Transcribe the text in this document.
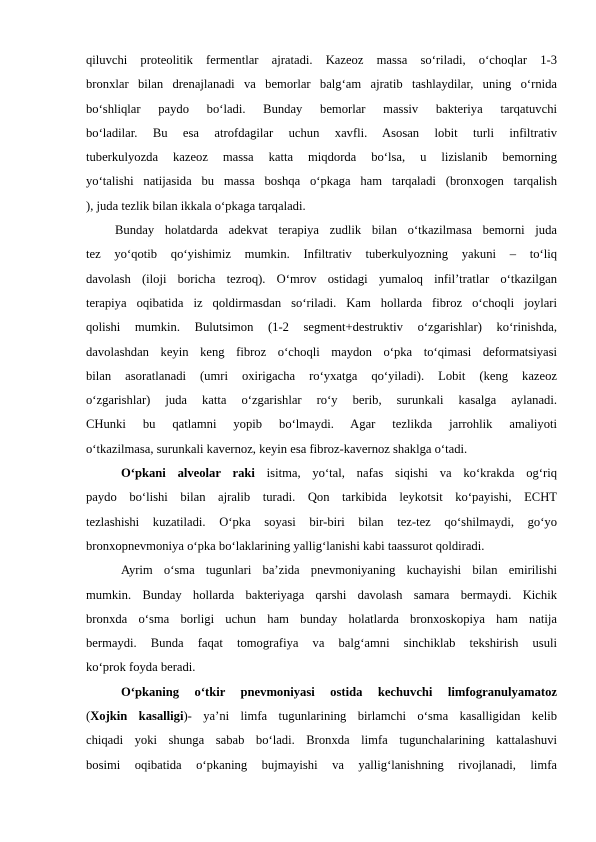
qiluvchi proteolitik fermentlar ajratadi. Kazeoz massa so‘riladi, o‘choqlar 1-3
bronxlar bilan drenajlanadi va bemorlar balg‘am ajratib tashlaydilar, uning o‘rnida
bo‘shliqlar paydo bo‘ladi. Bunday bemorlar massiv bakteriya tarqatuvchi
bo‘ladilar. Bu esa atrofdagilar uchun xavfli. Asosan lobit turli infiltrativ
tuberkulyozda kazeoz massa katta miqdorda bo‘lsa, u lizislanib bemorning
yo‘talishi natijasida bu massa boshqa o‘pkaga ham tarqaladi (bronxogen tarqalish
), juda tezlik bilan ikkala o‘pkaga tarqaladi.
Bunday holatdarda adekvat terapiya zudlik bilan o‘tkazilmasa bemorni juda
tez yo‘qotib qo‘yishimiz mumkin. Infiltrativ tuberkulyozning yakuni – to‘liq
davolash (iloji boricha tezroq). O‘mrov ostidagi yumaloq infil’tratlar o‘tkazilgan
terapiya oqibatida iz qoldirmasdan so‘riladi. Kam hollarda fibroz o‘choqli joylari
qolishi mumkin. Bulutsimon (1-2 segment+destruktiv o‘zgarishlar) ko‘rinishda,
davolashdan keyin keng fibroz o‘choqli maydon o‘pka to‘qimasi deformatsiyasi
bilan asoratlanadi (umri oxirigacha ro‘yxatga qo‘yiladi). Lobit (keng kazeoz
o‘zgarishlar) juda katta o‘zgarishlar ro‘y berib, surunkali kasalga aylanadi.
CHunki bu qatlamni yopib bo‘lmaydi. Agar tezlikda jarrohlik amaliyoti
o‘tkazilmasa, surunkali kavernoz, keyin esa fibroz-kavernoz shaklga o‘tadi.
O‘pkani alveolar raki isitma, yo‘tal, nafas siqishi va ko‘krakda og‘riq
paydo bo‘lishi bilan ajralib turadi. Qon tarkibida leykotsit ko‘payishi, ECHT
tezlashishi kuzatiladi. O‘pka soyasi bir-biri bilan tez-tez qo‘shilmaydi, go‘yo
bronxopnevmoniya o‘pka bo‘laklarining yallig‘lanishi kabi taassurot qoldiradi.
Ayrim o‘sma tugunlari ba’zida pnevmoniyaning kuchayishi bilan emirilishi
mumkin. Bunday hollarda bakteriyaga qarshi davolash samara bermaydi. Kichik
bronxda o‘sma borligi uchun ham bunday holatlarda bronxoskopiya ham natija
bermaydi. Bunda faqat tomografiya va balg‘amni sinchiklab tekshirish usuli
ko‘prok foyda beradi.
O‘pkaning o‘tkir pnevmoniyasi ostida kechuvchi limfogranulyamatoz
(Xojkin kasalligi)- ya’ni limfa tugunlarining birlamchi o‘sma kasalligidan kelib
chiqadi yoki shunga sabab bo‘ladi. Bronxda limfa tugunchalarining kattalashuvi
bosimi oqibatida o‘pkaning bujmayishi va yallig‘lanishning rivojlanadi, limfa
